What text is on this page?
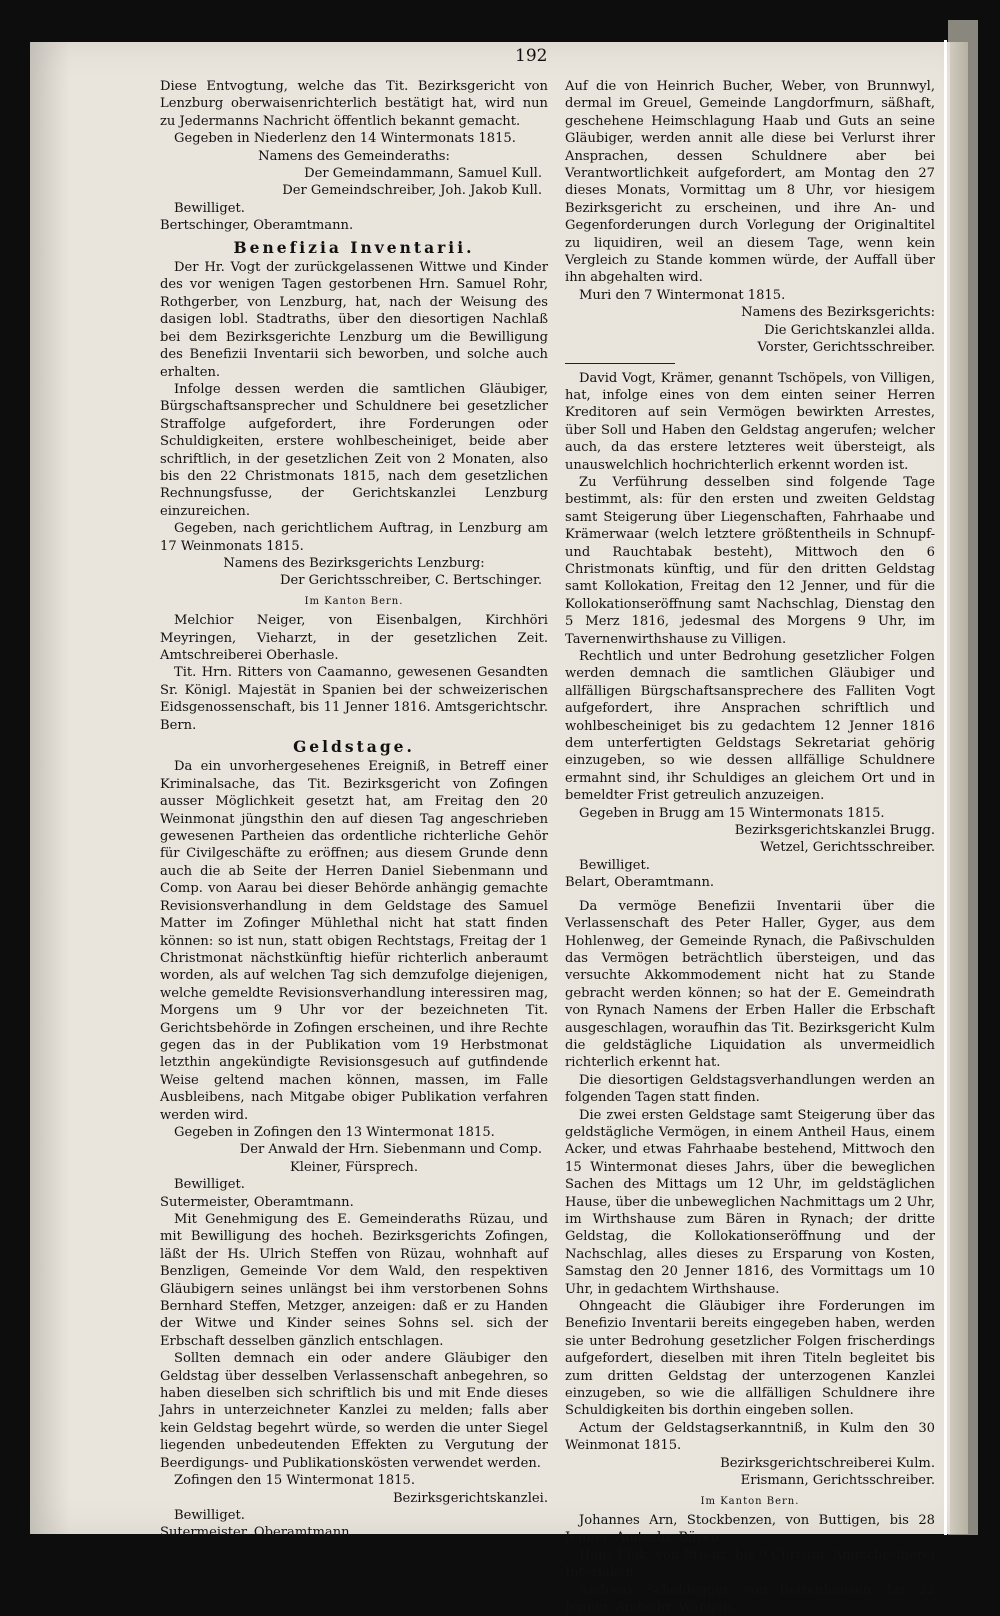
192

Diese Entvogtung, welche das Tit. Bezirksgericht von Lenzburg oberwaisenrichterlich bestätigt hat, wird nun zu Jedermanns Nachricht öffentlich bekannt gemacht.

Gegeben in Niederlenz den 14 Wintermonats 1815.

Namens des Gemeinderaths:

Der Gemeindammann, Samuel Kull.

Der Gemeindschreiber, Joh. Jakob Kull.

Bewilliget.

Bertschinger, Oberamtmann.

Benefizia Inventarii.

Der Hr. Vogt der zurückgelassenen Wittwe und Kinder des vor wenigen Tagen gestorbenen Hrn. Samuel Rohr, Rothgerber, von Lenzburg, hat, nach der Weisung des dasigen lobl. Stadtraths, über den diesortigen Nachlaß bei dem Bezirksgerichte Lenzburg um die Bewilligung des Benefizii Inventarii sich beworben, und solche auch erhalten.

Infolge dessen werden die samtlichen Gläubiger, Bürgschaftsansprecher und Schuldnere bei gesetzlicher Straffolge aufgefordert, ihre Forderungen oder Schuldigkeiten, erstere wohlbescheiniget, beide aber schriftlich, in der gesetzlichen Zeit von 2 Monaten, also bis den 22 Christmonats 1815, nach dem gesetzlichen Rechnungsfusse, der Gerichtskanzlei Lenzburg einzureichen.

Gegeben, nach gerichtlichem Auftrag, in Lenzburg am 17 Weinmonats 1815.

Namens des Bezirksgerichts Lenzburg:

Der Gerichtsschreiber, C. Bertschinger.

Im Kanton Bern.

Melchior Neiger, von Eisenbalgen, Kirchhöri Meyringen, Vieharzt, in der gesetzlichen Zeit. Amtschreiberei Oberhasle.

Tit. Hrn. Ritters von Caamanno, gewesenen Gesandten Sr. Königl. Majestät in Spanien bei der schweizerischen Eidsgenossenschaft, bis 11 Jenner 1816. Amtsgerichtschr. Bern.

Geldstage.

Da ein unvorhergesehenes Ereigniß, in Betreff einer Kriminalsache, das Tit. Bezirksgericht von Zofingen ausser Möglichkeit gesetzt hat, am Freitag den 20 Weinmonat jüngsthin den auf diesen Tag angeschrieben gewesenen Partheien das ordentliche richterliche Gehör für Civilgeschäfte zu eröffnen; aus diesem Grunde denn auch die ab Seite der Herren Daniel Siebenmann und Comp. von Aarau bei dieser Behörde anhängig gemachte Revisionsverhandlung in dem Geldstage des Samuel Matter im Zofinger Mühlethal nicht hat statt finden können: so ist nun, statt obigen Rechtstags, Freitag der 1 Christmonat nächstkünftig hiefür richterlich anberaumt worden, als auf welchen Tag sich demzufolge diejenigen, welche gemeldte Revisionsverhandlung interessiren mag, Morgens um 9 Uhr vor der bezeichneten Tit. Gerichtsbehörde in Zofingen erscheinen, und ihre Rechte gegen das in der Publikation vom 19 Herbstmonat letzthin angekündigte Revisionsgesuch auf gutfindende Weise geltend machen können, massen, im Falle Ausbleibens, nach Mitgabe obiger Publikation verfahren werden wird.

Gegeben in Zofingen den 13 Wintermonat 1815.

Der Anwald der Hrn. Siebenmann und Comp.

Kleiner, Fürsprech.

Bewilliget.

Sutermeister, Oberamtmann.

Mit Genehmigung des E. Gemeinderaths Rüzau, und mit Bewilligung des hocheh. Bezirksgerichts Zofingen, läßt der Hs. Ulrich Steffen von Rüzau, wohnhaft auf Benzligen, Gemeinde Vor dem Wald, den respektiven Gläubigern seines unlängst bei ihm verstorbenen Sohns Bernhard Steffen, Metzger, anzeigen: daß er zu Handen der Witwe und Kinder seines Sohns sel. sich der Erbschaft desselben gänzlich entschlagen.

Sollten demnach ein oder andere Gläubiger den Geldstag über desselben Verlassenschaft anbegehren, so haben dieselben sich schriftlich bis und mit Ende dieses Jahrs in unterzeichneter Kanzlei zu melden; falls aber kein Geldstag begehrt würde, so werden die unter Siegel liegenden unbedeutenden Effekten zu Vergutung der Beerdigungs- und Publikationskösten verwendet werden.

Zofingen den 15 Wintermonat 1815.

Bezirksgerichtskanzlei.

Bewilliget.

Sutermeister, Oberamtmann.

Auf die von Heinrich Bucher, Weber, von Brunnwyl, dermal im Greuel, Gemeinde Langdorfmurn, säßhaft, geschehene Heimschlagung Haab und Guts an seine Gläubiger, werden annit alle diese bei Verlurst ihrer Ansprachen, dessen Schuldnere aber bei Verantwortlichkeit aufgefordert, am Montag den 27 dieses Monats, Vormittag um 8 Uhr, vor hiesigem Bezirksgericht zu erscheinen, und ihre An- und Gegenforderungen durch Vorlegung der Originaltitel zu liquidiren, weil an diesem Tage, wenn kein Vergleich zu Stande kommen würde, der Auffall über ihn abgehalten wird.

Muri den 7 Wintermonat 1815.

Namens des Bezirksgerichts:

Die Gerichtskanzlei allda.

Vorster, Gerichtsschreiber.

David Vogt, Krämer, genannt Tschöpels, von Villigen, hat, infolge eines von dem einten seiner Herren Kreditoren auf sein Vermögen bewirkten Arrestes, über Soll und Haben den Geldstag angerufen; welcher auch, da das erstere letzteres weit übersteigt, als unauswelchlich hochrichterlich erkennt worden ist.

Zu Verführung desselben sind folgende Tage bestimmt, als: für den ersten und zweiten Geldstag samt Steigerung über Liegenschaften, Fahrhaabe und Krämerwaar (welch letztere größtentheils in Schnupf- und Rauchtabak besteht), Mittwoch den 6 Christmonats künftig, und für den dritten Geldstag samt Kollokation, Freitag den 12 Jenner, und für die Kollokationseröffnung samt Nachschlag, Dienstag den 5 Merz 1816, jedesmal des Morgens 9 Uhr, im Tavernenwirthshause zu Villigen.

Rechtlich und unter Bedrohung gesetzlicher Folgen werden demnach die samtlichen Gläubiger und allfälligen Bürgschaftsansprechere des Falliten Vogt aufgefordert, ihre Ansprachen schriftlich und wohlbescheiniget bis zu gedachtem 12 Jenner 1816 dem unterfertigten Geldstags Sekretariat gehörig einzugeben, so wie dessen allfällige Schuldnere ermahnt sind, ihr Schuldiges an gleichem Ort und in bemeldter Frist getreulich anzuzeigen.

Gegeben in Brugg am 15 Wintermonats 1815.

Bezirksgerichtskanzlei Brugg.

Wetzel, Gerichtsschreiber.

Bewilliget.

Belart, Oberamtmann.

Da vermöge Benefizii Inventarii über die Verlassenschaft des Peter Haller, Gyger, aus dem Hohlenweg, der Gemeinde Rynach, die Paßivschulden das Vermögen beträchtlich übersteigen, und das versuchte Akkommodement nicht hat zu Stande gebracht werden können; so hat der E. Gemeindrath von Rynach Namens der Erben Haller die Erbschaft ausgeschlagen, woraufhin das Tit. Bezirksgericht Kulm die geldstägliche Liquidation als unvermeidlich richterlich erkennt hat.

Die diesortigen Geldstagsverhandlungen werden an folgenden Tagen statt finden.

Die zwei ersten Geldstage samt Steigerung über das geldstägliche Vermögen, in einem Antheil Haus, einem Acker, und etwas Fahrhaabe bestehend, Mittwoch den 15 Wintermonat dieses Jahrs, über die beweglichen Sachen des Mittags um 12 Uhr, im geldstäglichen Hause, über die unbeweglichen Nachmittags um 2 Uhr, im Wirthshause zum Bären in Rynach; der dritte Geldstag, die Kollokationseröffnung und der Nachschlag, alles dieses zu Ersparung von Kosten, Samstag den 20 Jenner 1816, des Vormittags um 10 Uhr, in gedachtem Wirthshause.

Ohngeacht die Gläubiger ihre Forderungen im Benefizio Inventarii bereits eingegeben haben, werden sie unter Bedrohung gesetzlicher Folgen frischerdings aufgefordert, dieselben mit ihren Titeln begleitet bis zum dritten Geldstag der unterzogenen Kanzlei einzugeben, so wie die allfälligen Schuldnere ihre Schuldigkeiten bis dorthin eingeben sollen.

Actum der Geldstagserkanntniß, in Kulm den 30 Weinmonat 1815.

Bezirksgerichtschreiberei Kulm.

Erismann, Gerichtsschreiber.

Im Kanton Bern.

Johannes Arn, Stockbenzen, von Buttigen, bis 28 Jenner. Amtschr. Büren.

Hans Fluk, von Brienz, bis 9 Christm. Amtschreiberei Interlaken.

Andreas Scheldegger, von Bettenhausen, bis 22 Jenner. Amtschr. Wangen.
